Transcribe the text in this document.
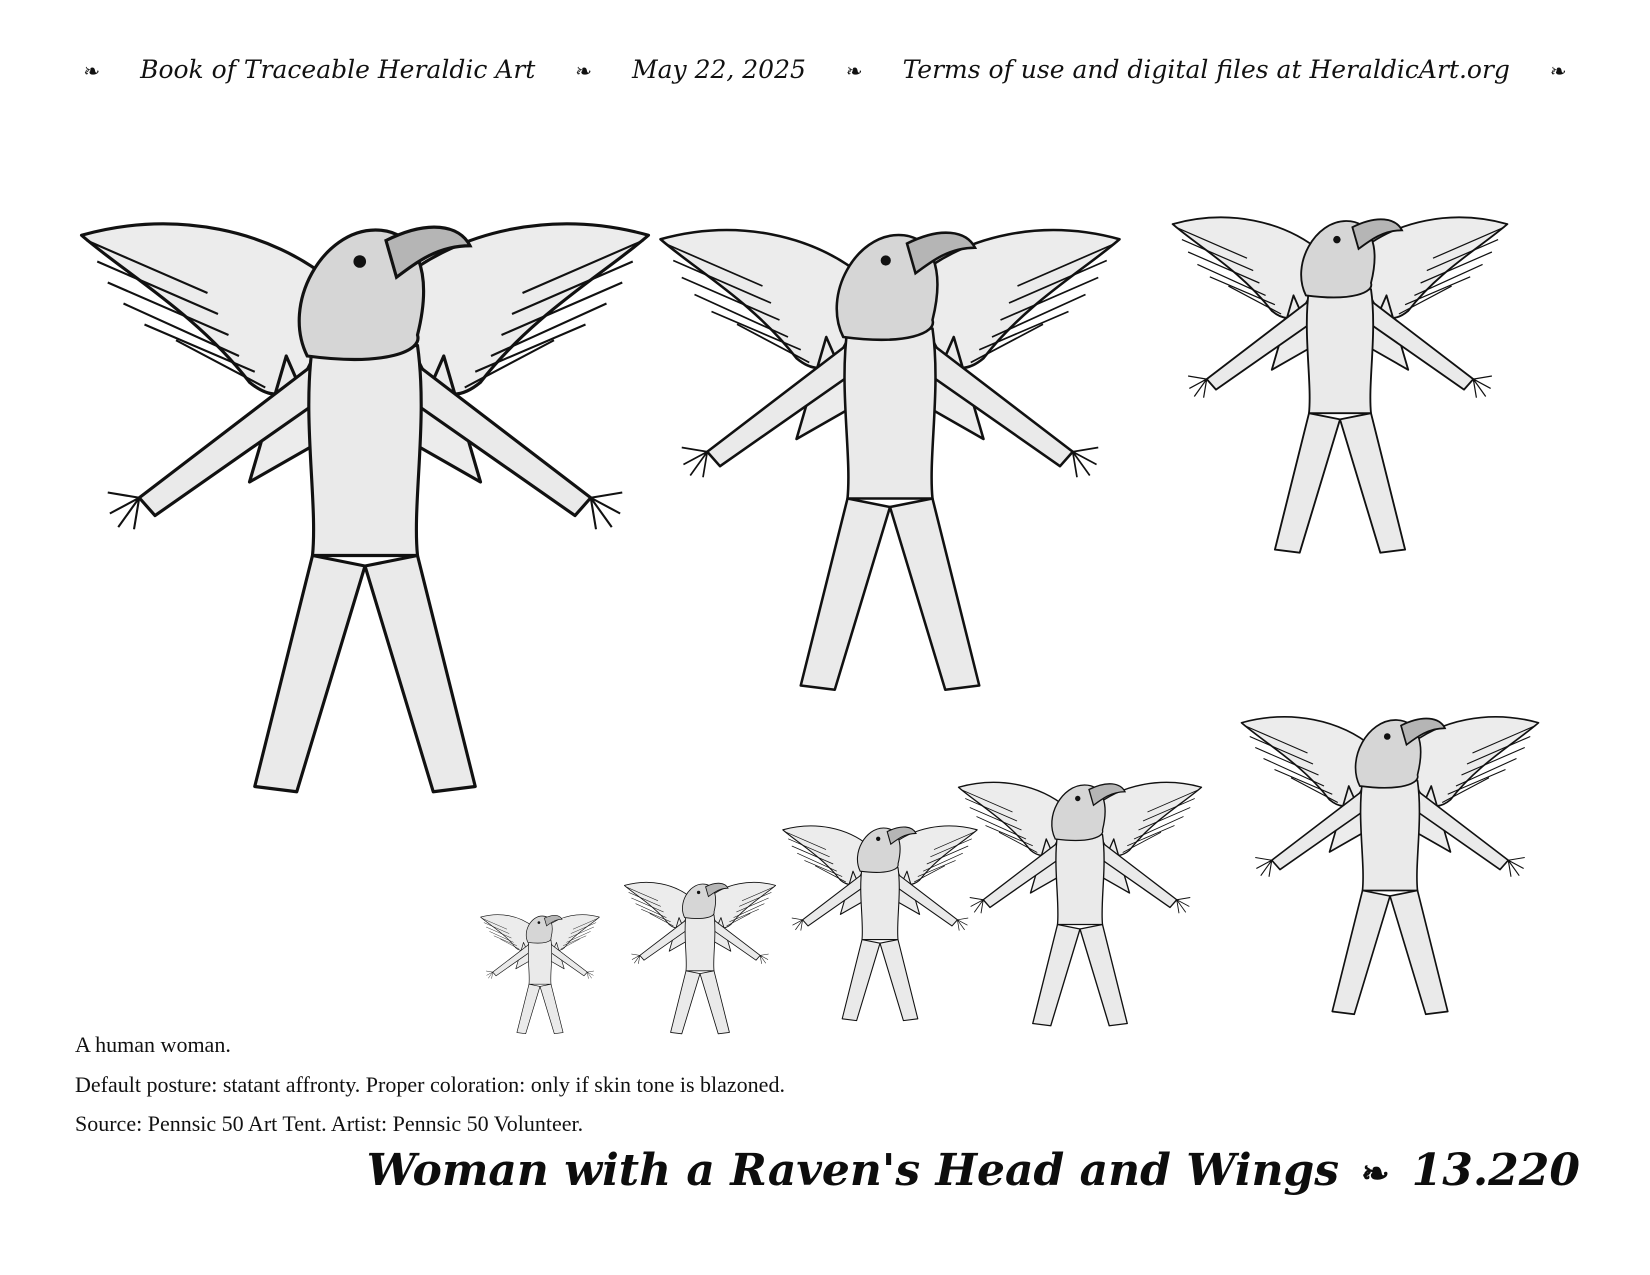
❧ Book of Traceable Heraldic Art ❧ May 22, 2025 ❧ Terms of use and digital files at HeraldicArt.org ❧
A human woman.
Default posture: statant affronty. Proper coloration: only if skin tone is blazoned.
Source: Pennsic 50 Art Tent. Artist: Pennsic 50 Volunteer.
Woman with a Raven's Head and Wings ❧ 13.220
